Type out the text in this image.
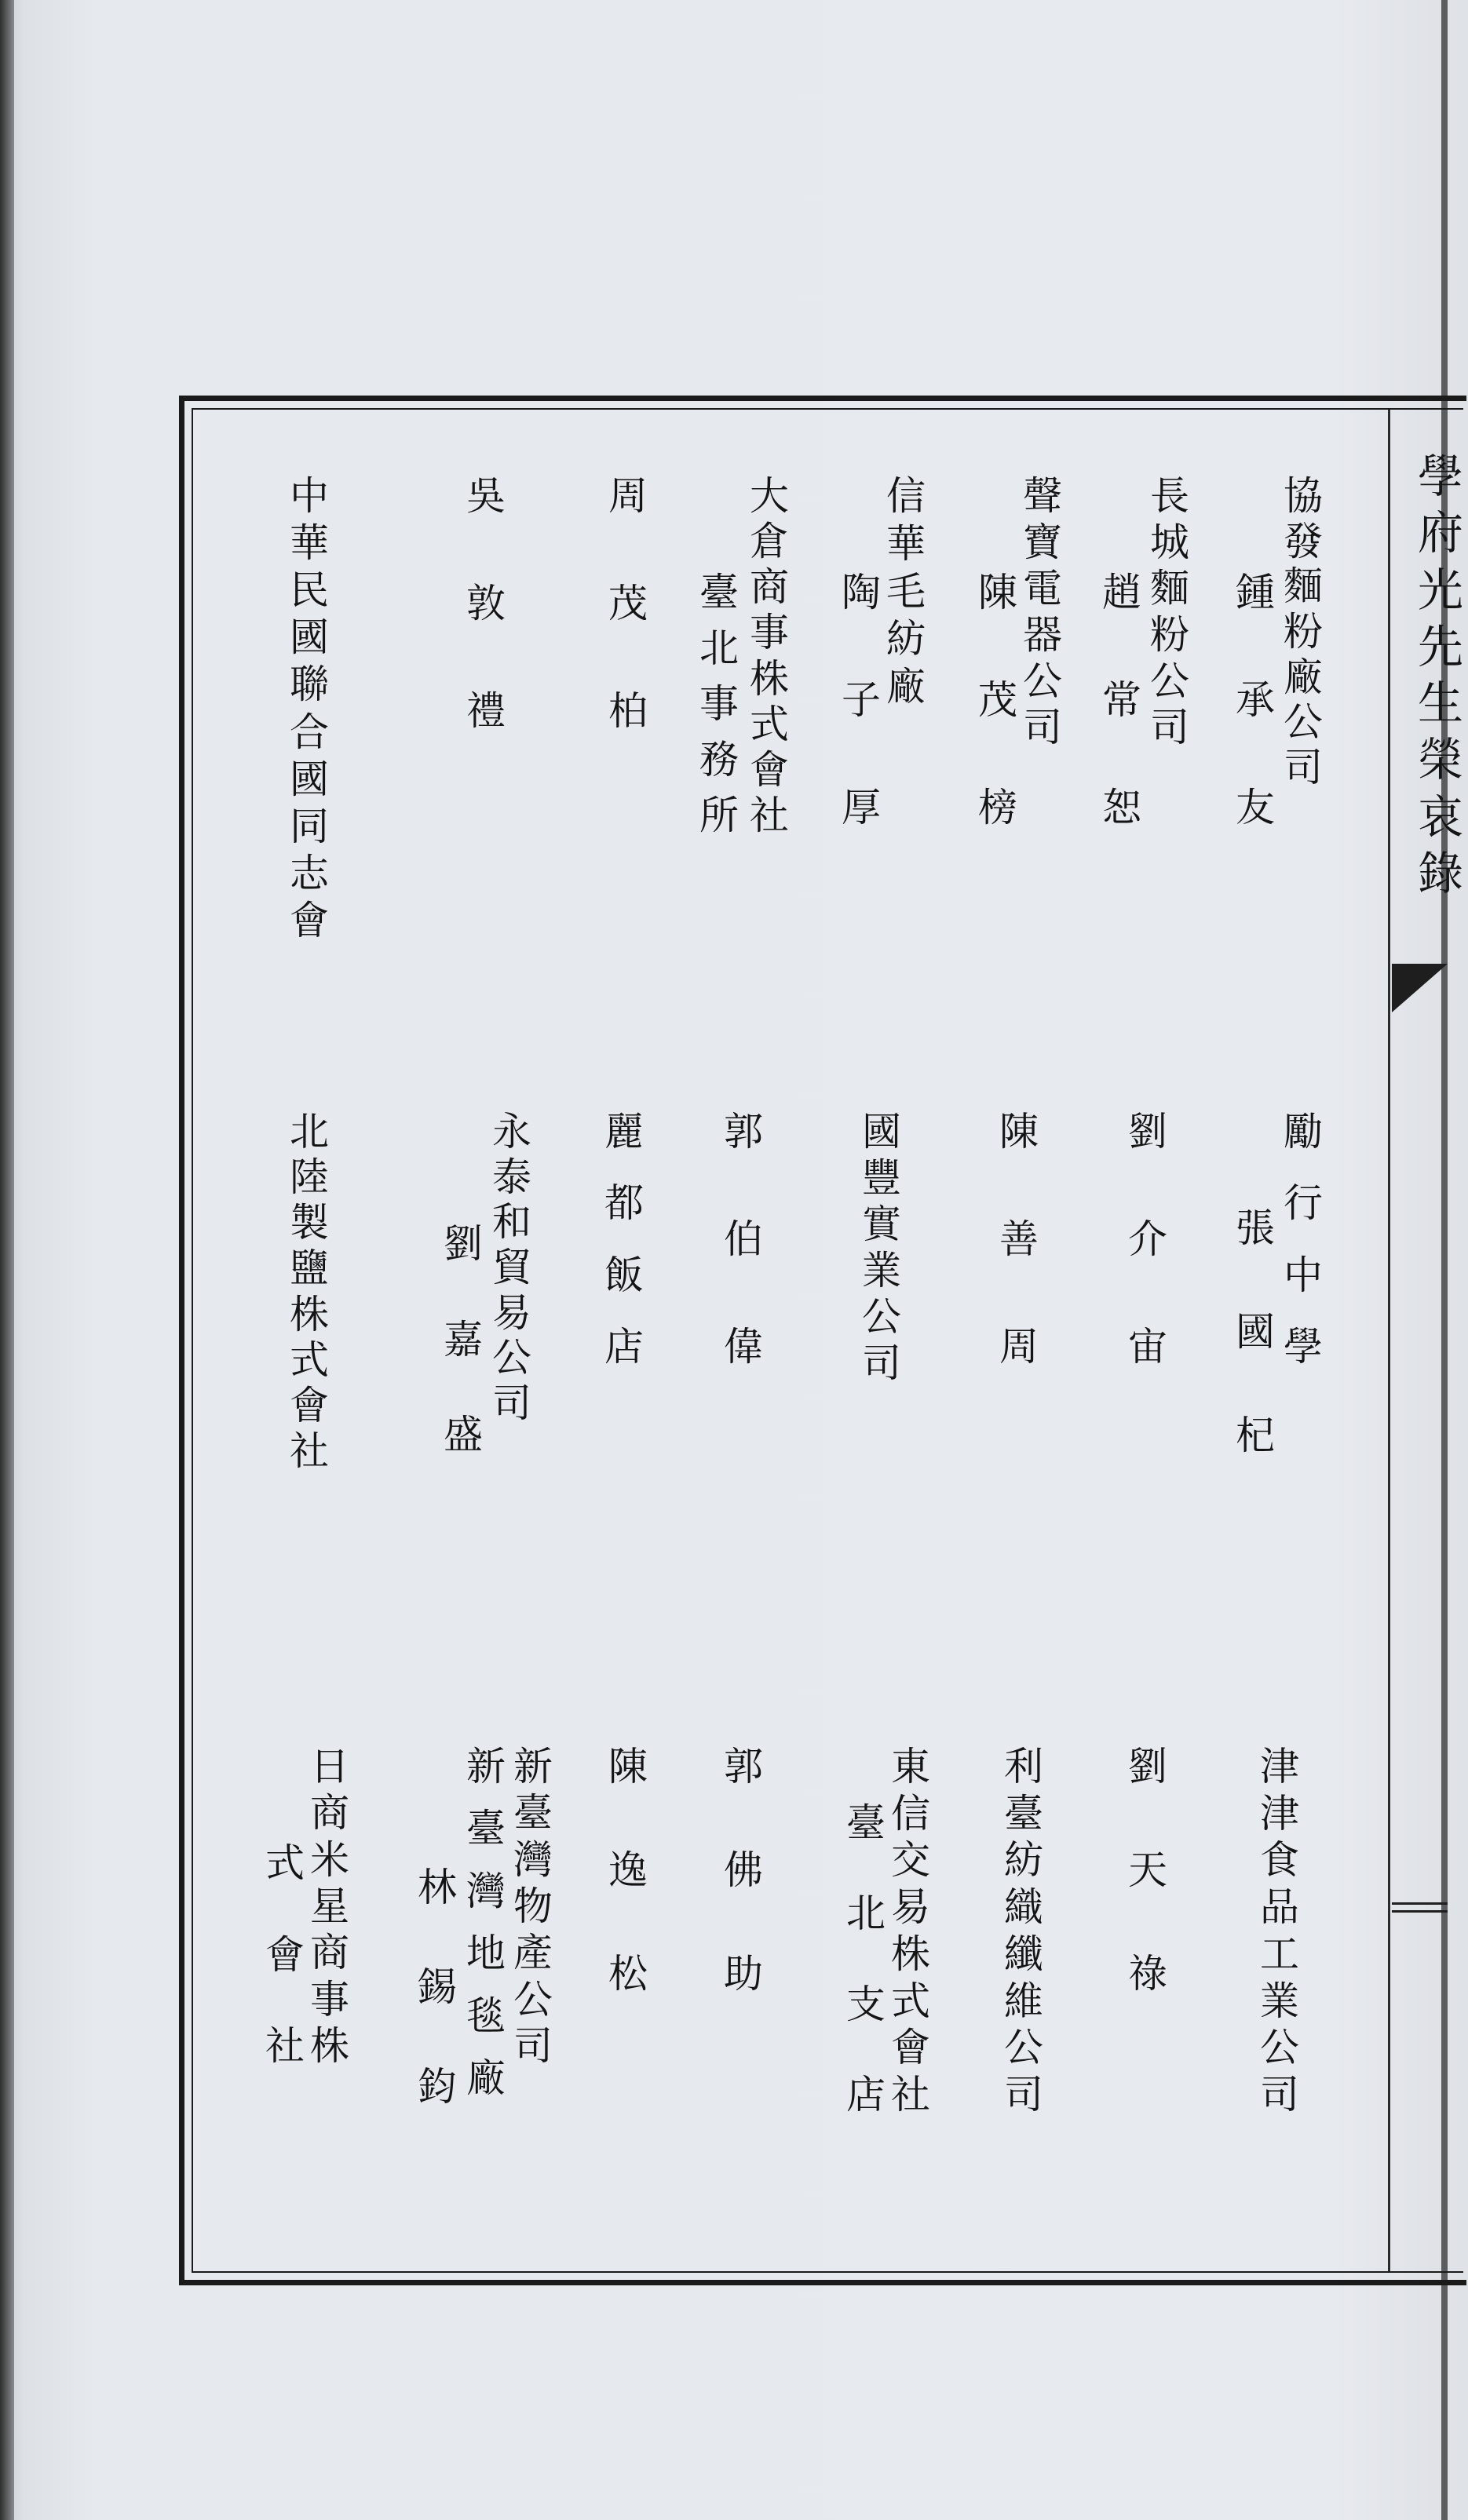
學
府
光
先
生
榮
哀
錄
協
發
麵
粉
廠
公
司
鍾
承
友
長
城
麵
粉
公
司
趙
常
恕
聲
寶
電
器
公
司
陳
茂
榜
信
華
毛
紡
廠
陶
子
厚
大
倉
商
事
株
式
會
社
臺
北
事
務
所
周
茂
柏
吳
敦
禮
中
華
民
國
聯
合
國
同
志
會
勵
行
中
學
張
國
杞
劉
介
宙
陳
善
周
國
豐
實
業
公
司
郭
伯
偉
麗
都
飯
店
永
泰
和
貿
易
公
司
劉
嘉
盛
北
陸
製
鹽
株
式
會
社
津
津
食
品
工
業
公
司
劉
天
祿
利
臺
紡
織
纖
維
公
司
東
信
交
易
株
式
會
社
臺
北
支
店
郭
佛
助
陳
逸
松
新
臺
灣
物
產
公
司
新
臺
灣
地
毯
廠
林
錫
鈞
日
商
米
星
商
事
株
式
會
社
